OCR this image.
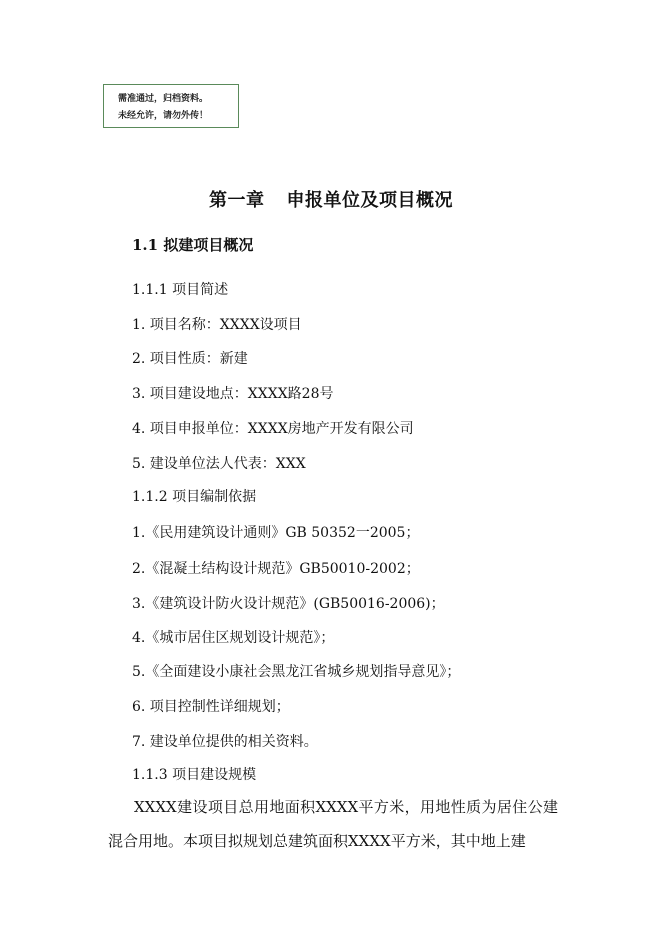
需准通过，归档资料。
未经允许，请勿外传！
第一章 申报单位及项目概况
1.1 拟建项目概况
1.1.1 项目简述
1. 项目名称：XXXX设项目
2. 项目性质：新建
3. 项目建设地点：XXXX路28号
4. 项目申报单位：XXXX房地产开发有限公司
5. 建设单位法人代表：XXX
1.1.2 项目编制依据
1.《民用建筑设计通则》GB 50352一2005；
2.《混凝土结构设计规范》GB50010-2002；
3.《建筑设计防火设计规范》(GB50016-2006)；
4.《城市居住区规划设计规范》；
5.《全面建设小康社会黑龙江省城乡规划指导意见》；
6. 项目控制性详细规划；
7. 建设单位提供的相关资料。
1.1.3 项目建设规模
XXXX建设项目总用地面积XXXX平方米，用地性质为居住公建混合用地。本项目拟规划总建筑面积XXXX平方米，其中地上建
